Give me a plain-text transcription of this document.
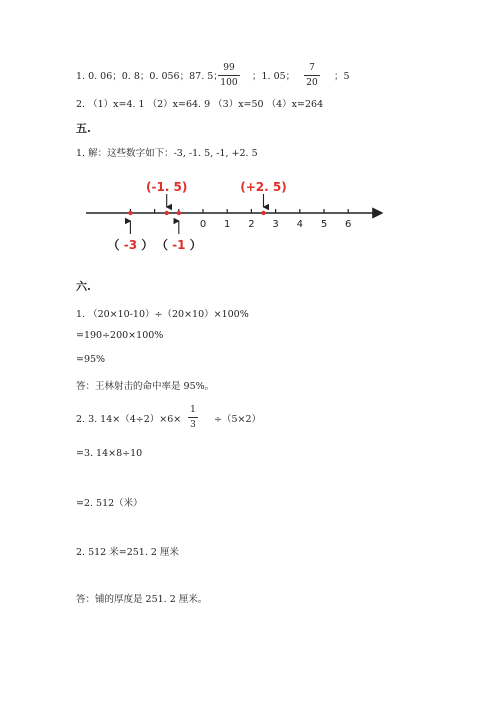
1. 0. 06；0. 8；0. 056；87. 5；
99
100
；1. 05；
7
20
；5
2. （1）x=4. 1 （2）x=64. 9 （3）x=50 （4）x=264
五.
1. 解：这些数字如下：-3, -1. 5, -1, +2. 5
0 1 2 3 4 5 6
(-1. 5)	(+2. 5)
（ -3 ） （ -1 ）
六.
1. （20×10-10）÷（20×10）×100%
=190÷200×100%
=95%
答：王林射击的命中率是 95%。
2. 3. 14×（4÷2）×6×
1
3 ÷（5×2）
=3. 14×8÷10
=2. 512（米）
2. 512 米=251. 2 厘米
答：铺的厚度是 251. 2 厘米。
